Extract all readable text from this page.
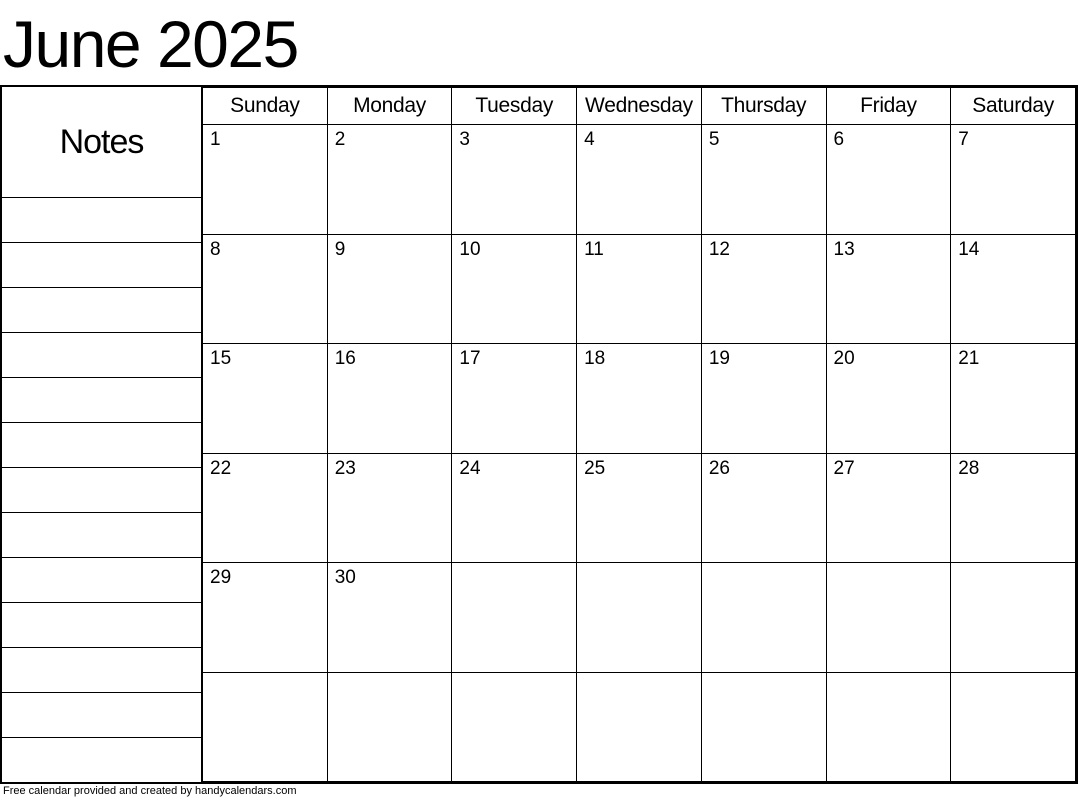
June 2025
Notes
Sunday	Monday	Tuesday	Wednesday	Thursday	Friday	Saturday
1	2	3	4	5	6	7
8	9	10	11	12	13	14
15	16	17	18	19	20	21
22	23	24	25	26	27	28
29	30					

Free calendar provided and created by handycalendars.com
